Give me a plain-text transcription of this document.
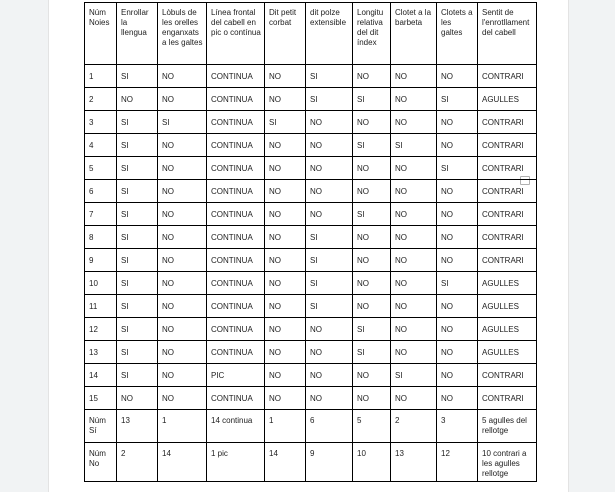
Núm Noies	Enrollar la llengua	Lòbuls de les orelles enganxats a les galtes	Línea frontal del cabell en pic o contínua	Dit petit corbat	dit polze extensible	Longitu relativa del dit índex	Clotet a la barbeta	Clotets a les galtes	Sentit de l'enrotllament del cabell
1	SI	NO	CONTINUA	NO	SI	NO	NO	NO	CONTRARI
2	NO	NO	CONTINUA	NO	SI	SI	NO	SI	AGULLES
3	SI	SI	CONTINUA	SI	NO	NO	NO	NO	CONTRARI
4	SI	NO	CONTINUA	NO	NO	SI	SI	NO	CONTRARI
5	SI	NO	CONTINUA	NO	NO	NO	NO	SI	CONTRARI
6	SI	NO	CONTINUA	NO	NO	NO	NO	NO	CONTRARI
7	SI	NO	CONTINUA	NO	NO	SI	NO	NO	CONTRARI
8	SI	NO	CONTINUA	NO	SI	NO	NO	NO	CONTRARI
9	SI	NO	CONTINUA	NO	SI	NO	NO	NO	CONTRARI
10	SI	NO	CONTINUA	NO	SI	NO	NO	SI	AGULLES
11	SI	NO	CONTINUA	NO	SI	NO	NO	NO	AGULLES
12	SI	NO	CONTINUA	NO	NO	SI	NO	NO	AGULLES
13	SI	NO	CONTINUA	NO	NO	SI	NO	NO	AGULLES
14	SI	NO	PIC	NO	NO	NO	SI	NO	CONTRARI
15	NO	NO	CONTINUA	NO	NO	NO	NO	NO	CONTRARI
Núm Sí	13	1	14 continua	1	6	5	2	3	5 agulles del rellotge
Núm No	2	14	1 pic	14	9	10	13	12	10 contrari a les agulles rellotge
